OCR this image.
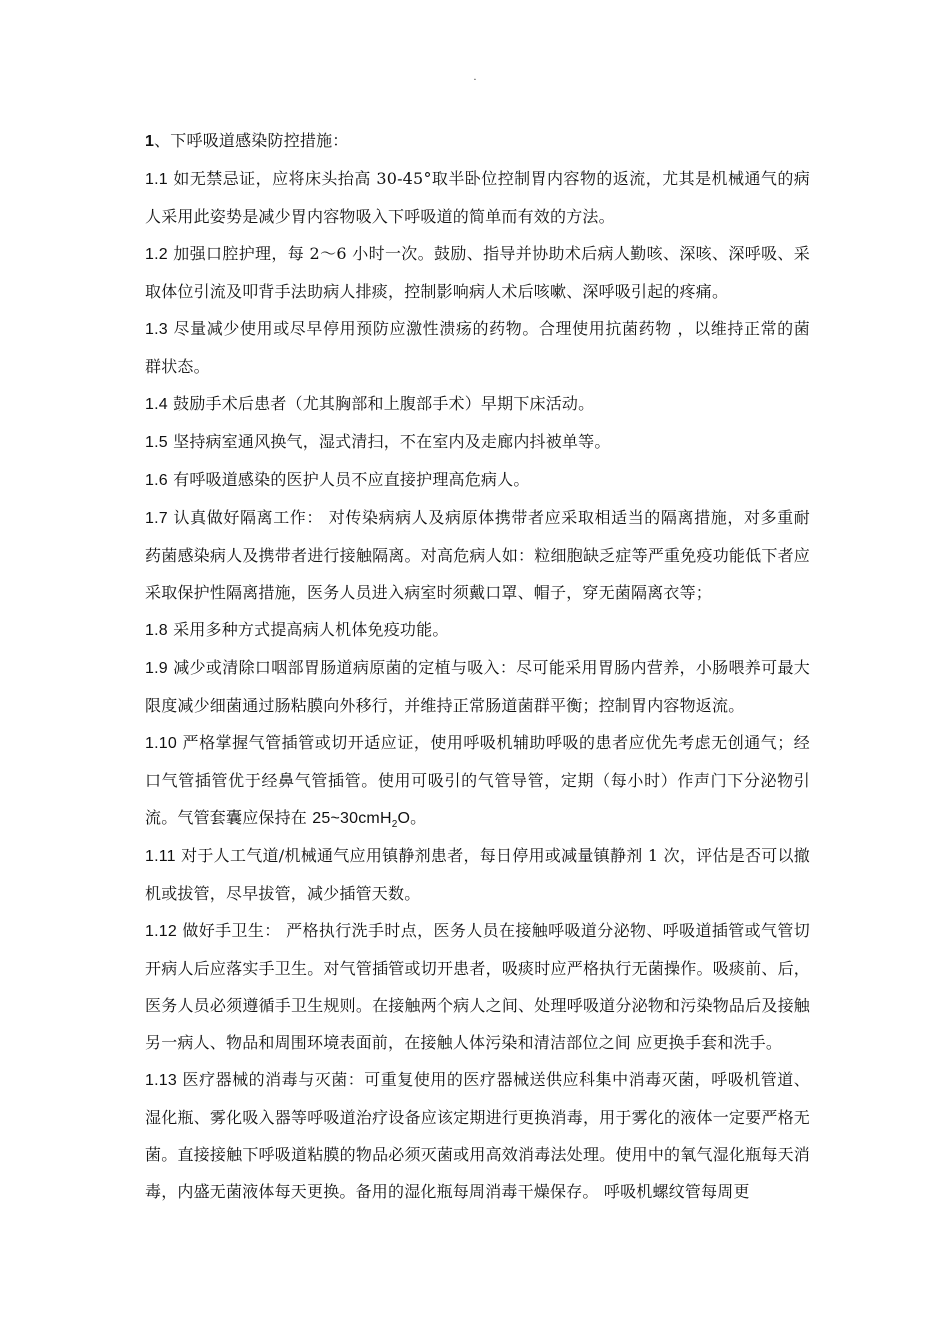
.

1、下呼吸道感染防控措施：

1.1 如无禁忌证，应将床头抬高 30-45°取半卧位控制胃内容物的返流，尤其是机械通气的病人采用此姿势是减少胃内容物吸入下呼吸道的简单而有效的方法。

1.2 加强口腔护理，每 2～6 小时一次。鼓励、指导并协助术后病人勤咳、深咳、深呼吸、采取体位引流及叩背手法助病人排痰，控制影响病人术后咳嗽、深呼吸引起的疼痛。

1.3 尽量减少使用或尽早停用预防应激性溃疡的药物。合理使用抗菌药物 ，以维持正常的菌群状态。

1.4 鼓励手术后患者（尤其胸部和上腹部手术）早期下床活动。

1.5 坚持病室通风换气，湿式清扫，不在室内及走廊内抖被单等。

1.6 有呼吸道感染的医护人员不应直接护理高危病人。

1.7 认真做好隔离工作： 对传染病病人及病原体携带者应采取相适当的隔离措施，对多重耐药菌感染病人及携带者进行接触隔离。对高危病人如：粒细胞缺乏症等严重免疫功能低下者应采取保护性隔离措施，医务人员进入病室时须戴口罩、帽子，穿无菌隔离衣等；

1.8 采用多种方式提高病人机体免疫功能。

1.9 减少或清除口咽部胃肠道病原菌的定植与吸入：尽可能采用胃肠内营养，小肠喂养可最大限度减少细菌通过肠粘膜向外移行，并维持正常肠道菌群平衡；控制胃内容物返流。

1.10 严格掌握气管插管或切开适应证，使用呼吸机辅助呼吸的患者应优先考虑无创通气；经口气管插管优于经鼻气管插管。使用可吸引的气管导管，定期（每小时）作声门下分泌物引流。气管套囊应保持在 25~30cmH$_2$O。

1.11 对于人工气道/机械通气应用镇静剂患者，每日停用或减量镇静剂 1 次，评估是否可以撤机或拔管，尽早拔管，减少插管天数。

1.12 做好手卫生： 严格执行洗手时点，医务人员在接触呼吸道分泌物、呼吸道插管或气管切开病人后应落实手卫生。对气管插管或切开患者，吸痰时应严格执行无菌操作。吸痰前、后，医务人员必须遵循手卫生规则。在接触两个病人之间、处理呼吸道分泌物和污染物品后及接触另一病人、物品和周围环境表面前，在接触人体污染和清洁部位之间 应更换手套和洗手。

1.13 医疗器械的消毒与灭菌：可重复使用的医疗器械送供应科集中消毒灭菌，呼吸机管道、湿化瓶、雾化吸入器等呼吸道治疗设备应该定期进行更换消毒，用于雾化的液体一定要严格无菌。直接接触下呼吸道粘膜的物品必须灭菌或用高效消毒法处理。使用中的氧气湿化瓶每天消毒，内盛无菌液体每天更换。备用的湿化瓶每周消毒干燥保存。 呼吸机螺纹管每周更
